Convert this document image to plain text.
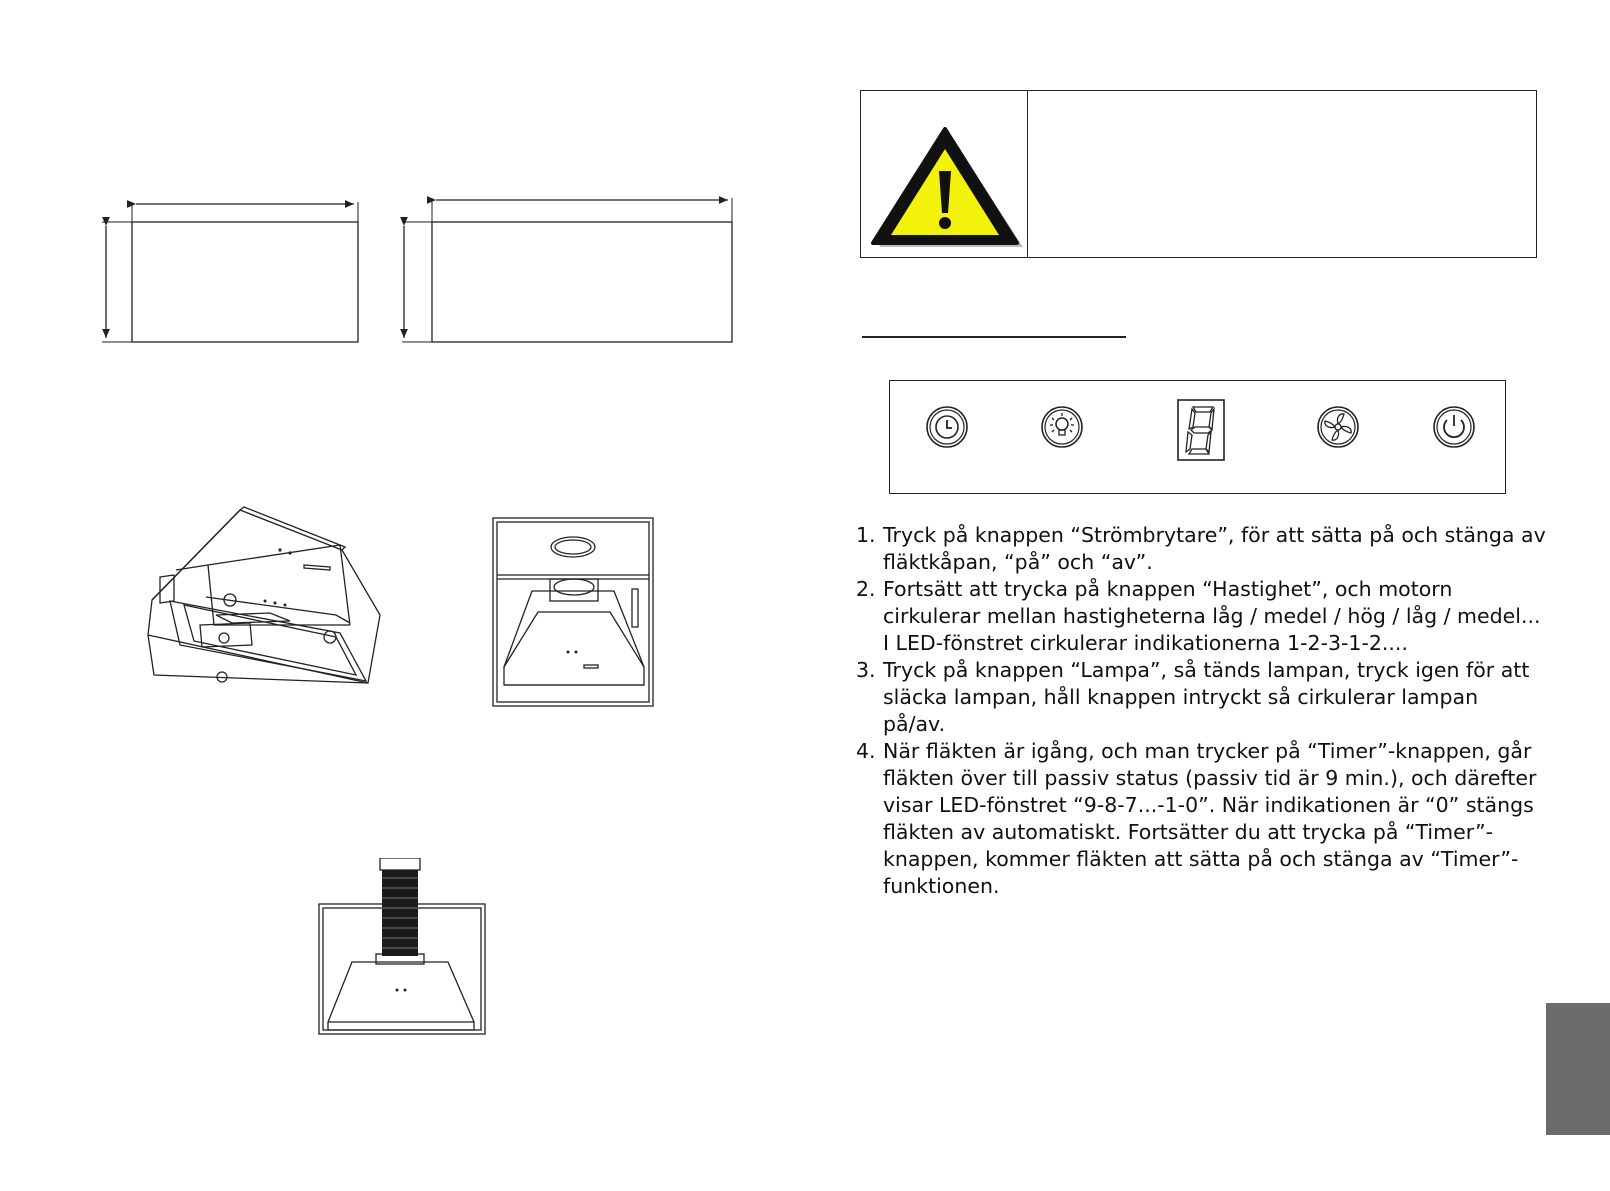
1. Tryck på knappen “Strömbrytare”, för att sätta på och stänga av fläktkåpan, “på” och “av”.
2. Fortsätt att trycka på knappen “Hastighet”, och motorn cirkulerar mellan hastigheterna låg / medel / hög / låg / medel... I LED-fönstret cirkulerar indikationerna 1-2-3-1-2....
3. Tryck på knappen “Lampa”, så tänds lampan, tryck igen för att släcka lampan, håll knappen intryckt så cirkulerar lampan på/av.
4. När fläkten är igång, och man trycker på “Timer”-knappen, går fläkten över till passiv status (passiv tid är 9 min.), och därefter visar LED-fönstret “9-8-7...-1-0”. När indikationen är “0” stängs fläkten av automatiskt. Fortsätter du att trycka på “Timer”-knappen, kommer fläkten att sätta på och stänga av “Timer”-funktionen.
